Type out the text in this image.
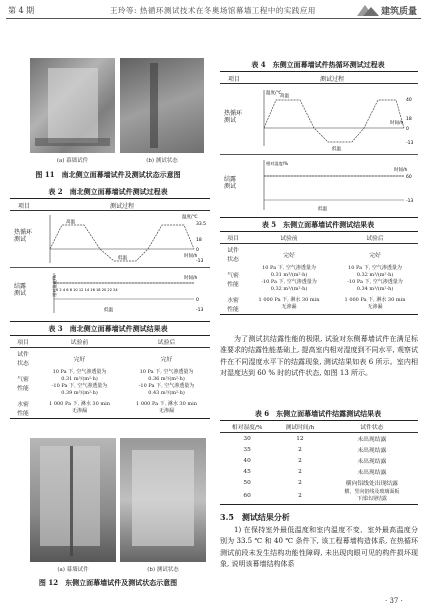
第 4 期	王玲等: 热循环测试技术在冬奥场馆幕墙工程中的实践应用	建筑质量
(a) 幕墙试件	(b) 测试状态
图 11　南北侧立面幕墙试件及测试状态示意图
表 2　南北侧立面幕墙试件测试过程表
项目	测试过程
热循环
测试
结露
测试
温度/℃
33.5
18
0
-13
时间/h
低温
高温
相对湿度/% 0 2 4 6 8 10 12 14 16 18 20 22 24
时间/h
0
-13
低温
表 3　南北侧立面幕墙试件测试结果表
项目	试验前	试验后
试件
状态	完好	完好
气密
性能	10 Pa 下, 空气渗透量为
0.31 m³/(m²·h)
-10 Pa 下, 空气渗透量为
0.39 m³/(m²·h)	10 Pa 下, 空气渗透量为
0.36 m³/(m²·h)
-10 Pa 下, 空气渗透量为
0.43 m³/(m²·h)
水密
性能	1 000 Pa 下, 淋水 30 min
无渗漏	1 000 Pa 下, 淋水 30 min
无渗漏
(a) 幕墙试件	(b) 测试状态
图 12　东侧立面幕墙试件及测试状态示意图
表 4　东侧立面幕墙试件热循环测试过程表
项目	测试过程
热循环
测试
结露
测试
温度/℃
40
18
0
-13
时间/h
低温
高温
相对湿度/%
时间/h
60
-13
低温
表 5　东侧立面幕墙试件测试结果表
项目	试验前	试验后
试件
状态	完好	完好
气密
性能	10 Pa 下, 空气渗透量为
0.31 m³/(m²·h)
-10 Pa 下, 空气渗透量为
0.32 m³/(m²·h)	10 Pa 下, 空气渗透量为
0.32 m³/(m²·h)
-10 Pa 下, 空气渗透量为
0.34 m³/(m²·h)
水密
性能	1 000 Pa 下, 淋水 30 min
无渗漏	1 000 Pa 下, 淋水 30 min
无渗漏
为了测试抗结露性能的极限, 试验对东侧幕墙试件在满足标准要求的结露性能基础上, 提高室内相对湿度到不同水平, 观察试件在不同湿度水平下的结露现象, 测试结果如表 6 所示。室内相对湿度达到 60 % 时的试件状态, 如图 13 所示。
表 6　东侧立面幕墙试件结露测试结果表
相对湿度/%	测试时间/h	试件状态
30	12	未出现结露
35	2	未出现结露
40	2	未出现结露
45	2	未出现结露
50	2	横向铝线处出现结露
60	2	横、竖向铝线及玻璃面板
下部出现结露
3.5　测试结果分析
1) 在保持室外最低温度和室内温度不变、室外最高温度分别为 33.5 ℃ 和 40 ℃ 条件下, 该工程幕墙构造体系, 在热循环测试前段未发生结构功能性障碍, 未出现肉眼可见的构件损坏现象, 说明该幕墙结构体系
· 37 ·
